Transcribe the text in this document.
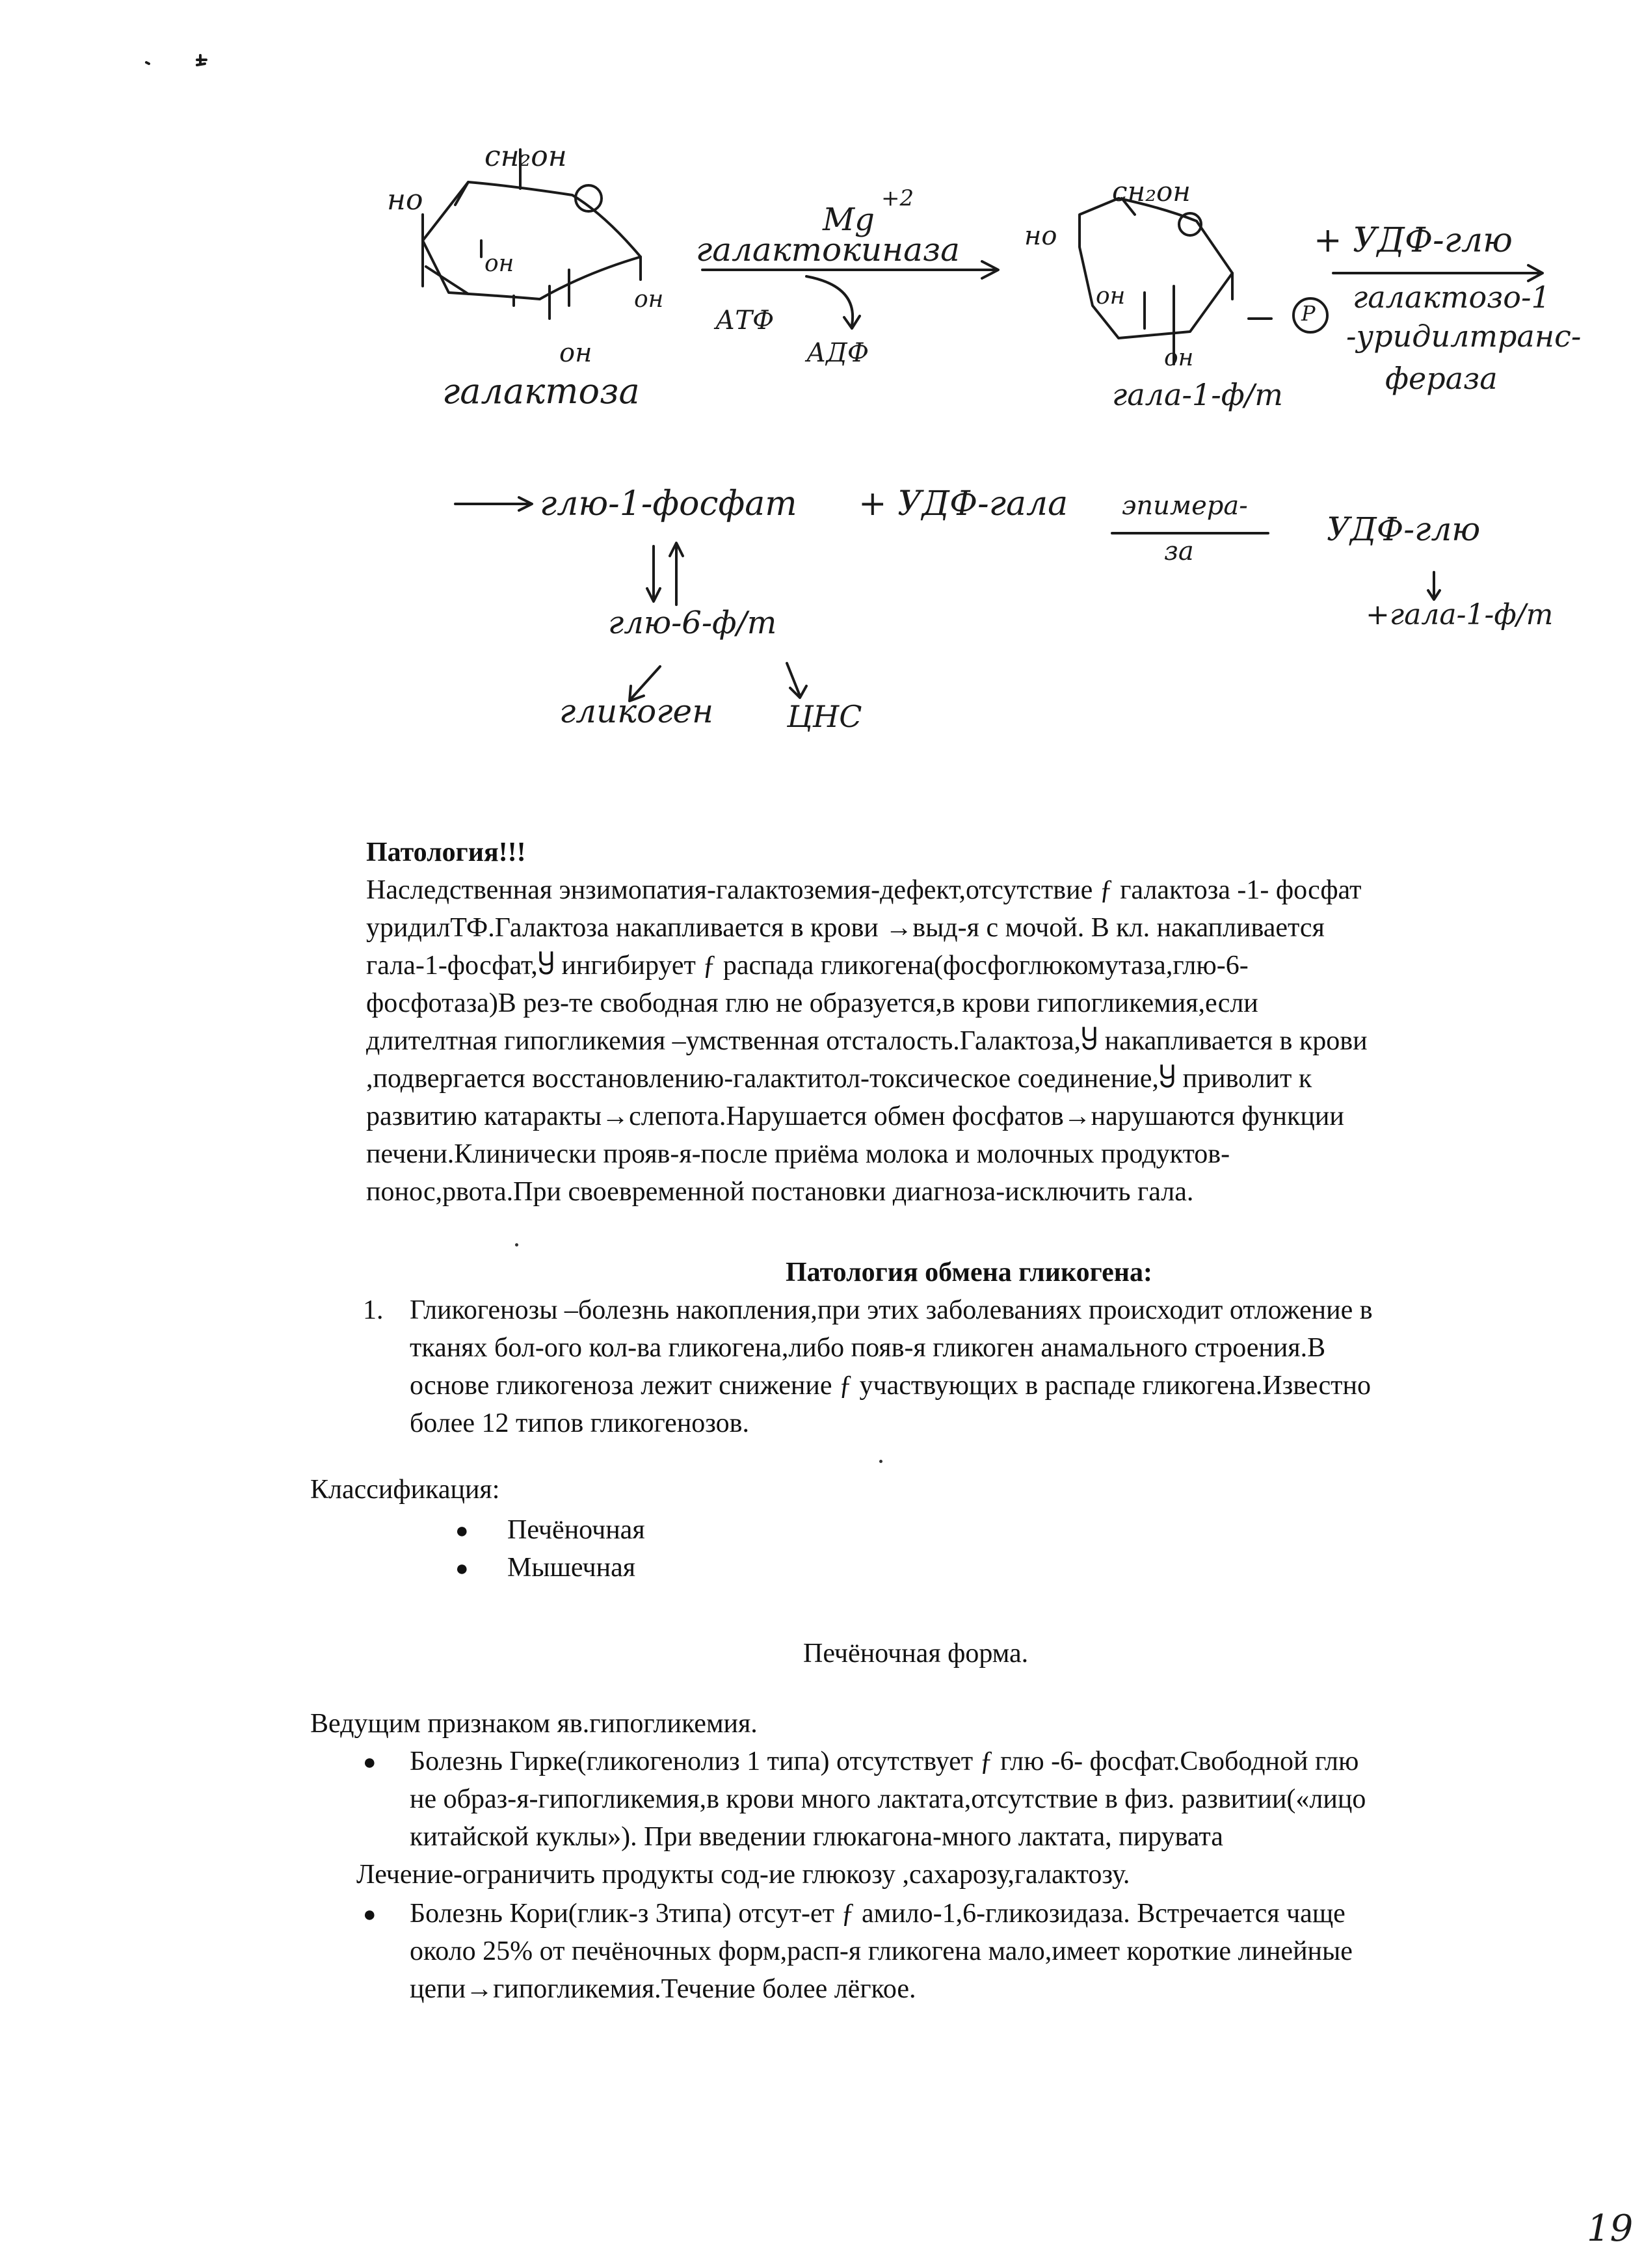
сн₂он
но
он
он
он
галактоза
Mg
+2
галактокиназа
АТФ
АДФ
сн₂он
но
он
он
Р
гала-1-ф/т
+ УДФ-глю
галактозо-1
-уридилтранс-
фераза
глю-1-фосфат + УДФ-гала эпимера-
за
УДФ-глю
+гала-1-ф/т
глю-6-ф/т
гликоген ЦНС
Патология!!!
Наследственная энзимопатия-галактоземия-дефект,отсутствие ƒ галактоза -1- фосфат
уридилТФ.Галактоза накапливается в крови →выд-я с мочой. В кл. накапливается
гала-1-фосфат,Ⴘ ингибирует ƒ распада гликогена(фосфоглюкомутаза,глю-6-
фосфотаза)В рез-те свободная глю не образуется,в крови гипогликемия,если
длителтная гипогликемия –умственная отсталость.Галактоза,Ⴘ накапливается в крови
,подвергается восстановлению-галактитол-токсическое соединение,Ⴘ приволит к
развитию катаракты→слепота.Нарушается обмен фосфатов→нарушаются функции
печени.Клинически прояв-я-после приёма молока и молочных продуктов-
понос,рвота.При своевременной постановки диагноза-исключить гала.
Патология обмена гликогена:
1. Гликогенозы –болезнь накопления,при этих заболеваниях происходит отложение в
тканях бол-ого кол-ва гликогена,либо появ-я гликоген анамального строения.В
основе гликогеноза лежит снижение ƒ участвующих в распаде гликогена.Известно
более 12 типов гликогенозов.
Классификация:
● Печёночная
● Мышечная
Печёночная форма.
Ведущим признаком яв.гипогликемия.
● Болезнь Гирке(гликогенолиз 1 типа) отсутствует ƒ глю -6- фосфат.Свободной глю
не образ-я-гипогликемия,в крови много лактата,отсутствие в физ. развитии(«лицо
китайской куклы»). При введении глюкагона-много лактата, пирувата
Лечение-ограничить продукты сод-ие глюкозу ,сахарозу,галактозу.
● Болезнь Кори(глик-з 3типа) отсут-ет ƒ амило-1,6-гликозидаза. Встречается чаще
около 25% от печёночных форм,расп-я гликогена мало,имеет короткие линейные
цепи→гипогликемия.Течение более лёгкое.
19
